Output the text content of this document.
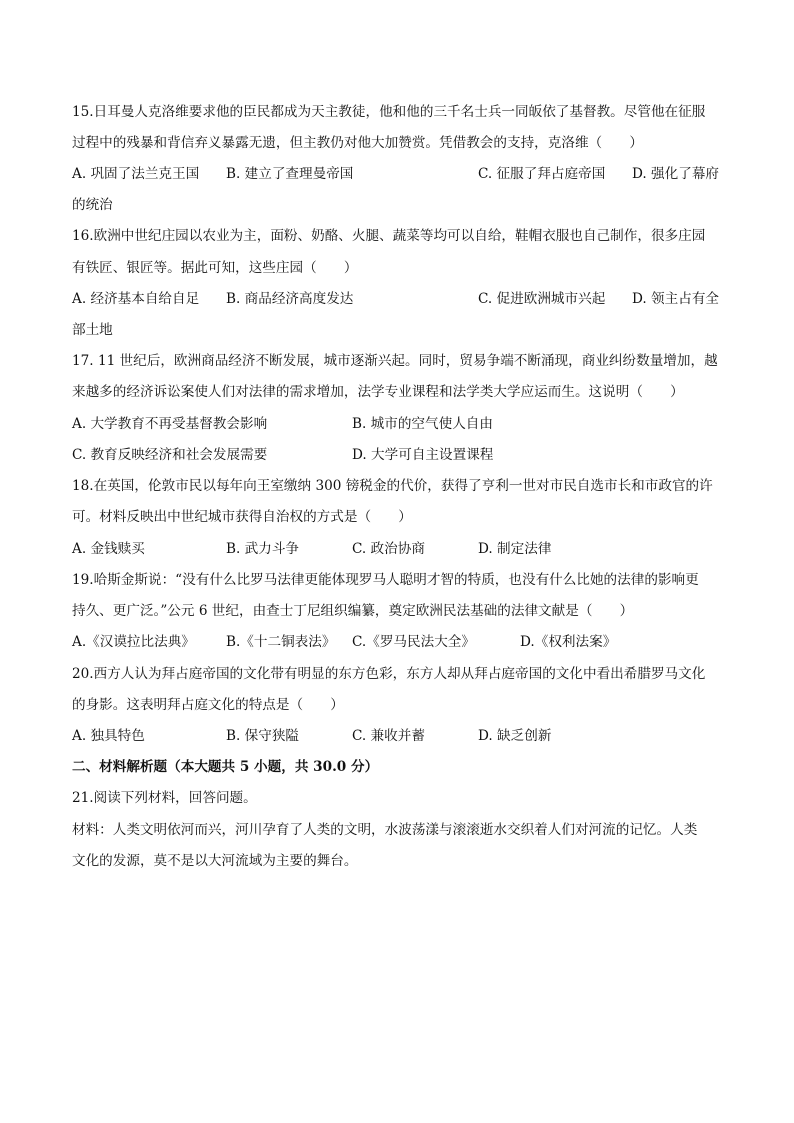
15.日耳曼人克洛维要求他的臣民都成为天主教徒，他和他的三千名士兵一同皈依了基督教。尽管他在征服
过程中的残暴和背信弃义暴露无遗，但主教仍对他大加赞赏。凭借教会的支持，克洛维（　　）
A. 巩固了法兰克王国 B. 建立了查理曼帝国	C. 征服了拜占庭帝国 D. 强化了幕府
的统治
16.欧洲中世纪庄园以农业为主，面粉、奶酪、火腿、蔬菜等均可以自给，鞋帽衣服也自己制作，很多庄园
有铁匠、银匠等。据此可知，这些庄园（　　）
A. 经济基本自给自足 B. 商品经济高度发达	C. 促进欧洲城市兴起 D. 领主占有全
部土地
17. 11 世纪后，欧洲商品经济不断发展，城市逐渐兴起。同时，贸易争端不断涌现，商业纠纷数量增加，越
来越多的经济诉讼案使人们对法律的需求增加，法学专业课程和法学类大学应运而生。这说明（　　）
A. 大学教育不再受基督教会影响	B. 城市的空气使人自由
C. 教育反映经济和社会发展需要	D. 大学可自主设置课程
18.在英国，伦敦市民以每年向王室缴纳 300 镑税金的代价，获得了亨利一世对市民自选市长和市政官的许
可。材料反映出中世纪城市获得自治权的方式是（　　）
A. 金钱赎买	B. 武力斗争	C. 政治协商	D. 制定法律
19.哈斯金斯说：“没有什么比罗马法律更能体现罗马人聪明才智的特质，也没有什么比她的法律的影响更
持久、更广泛。”公元 6 世纪，由查士丁尼组织编纂，奠定欧洲民法基础的法律文献是（　　）
A.《汉谟拉比法典》 B.《十二铜表法》 C.《罗马民法大全》	D.《权利法案》
20.西方人认为拜占庭帝国的文化带有明显的东方色彩，东方人却从拜占庭帝国的文化中看出希腊罗马文化
的身影。这表明拜占庭文化的特点是（　　）
A. 独具特色	B. 保守狭隘	C. 兼收并蓄	D. 缺乏创新
二、材料解析题（本大题共 5 小题，共 30.0 分）
21.阅读下列材料，回答问题。
材料：人类文明依河而兴，河川孕育了人类的文明，水波荡漾与滚滚逝水交织着人们对河流的记忆。人类
文化的发源，莫不是以大河流域为主要的舞台。
